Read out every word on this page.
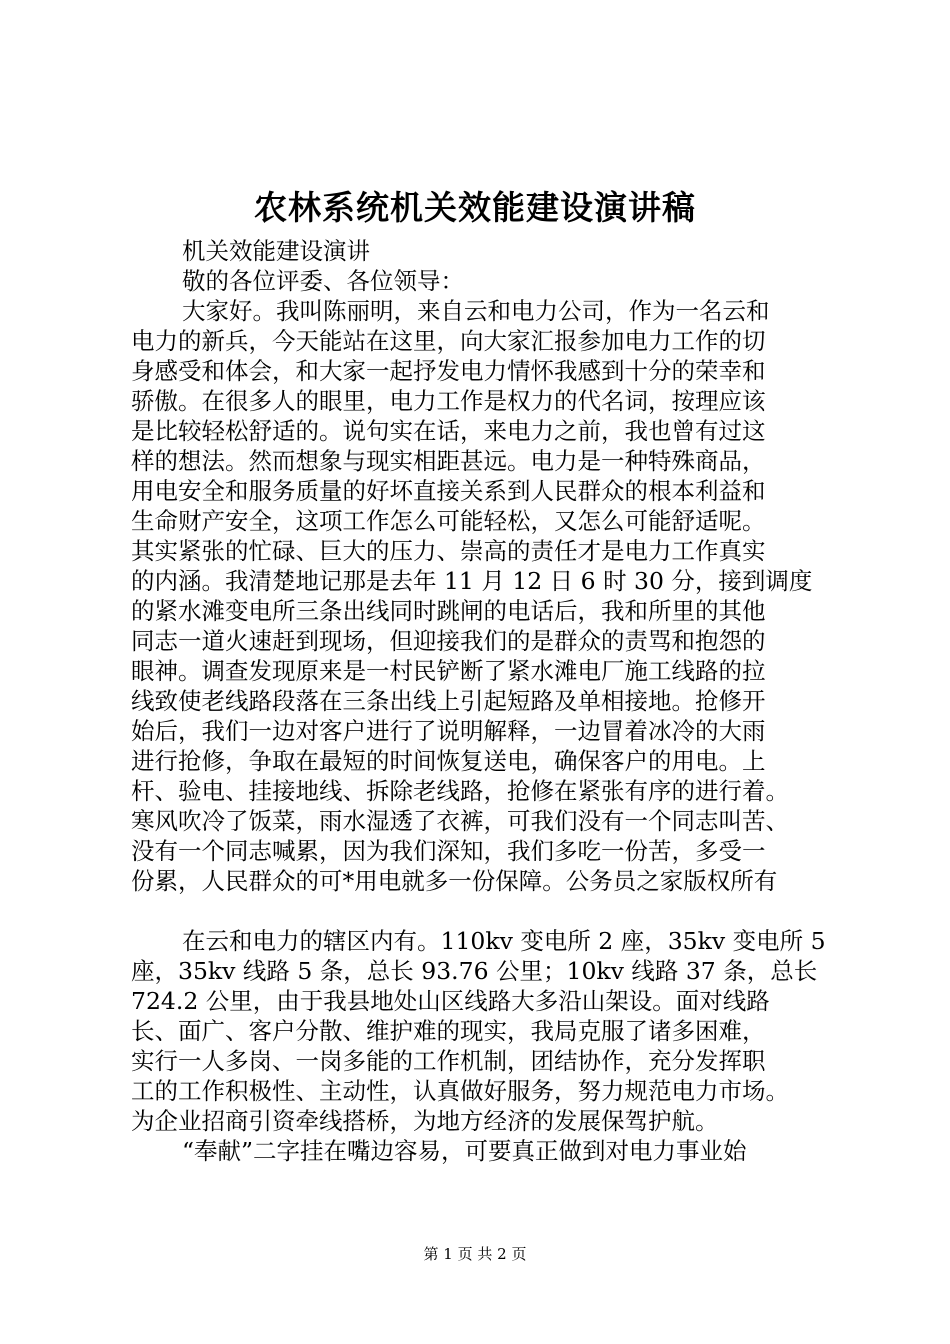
农林系统机关效能建设演讲稿
机关效能建设演讲
敬的各位评委、各位领导：
大家好。我叫陈丽明，来自云和电力公司，作为一名云和
电力的新兵，今天能站在这里，向大家汇报参加电力工作的切
身感受和体会，和大家一起抒发电力情怀我感到十分的荣幸和
骄傲。在很多人的眼里，电力工作是权力的代名词，按理应该
是比较轻松舒适的。说句实在话，来电力之前，我也曾有过这
样的想法。然而想象与现实相距甚远。电力是一种特殊商品，
用电安全和服务质量的好坏直接关系到人民群众的根本利益和
生命财产安全，这项工作怎么可能轻松，又怎么可能舒适呢。
其实紧张的忙碌、巨大的压力、崇高的责任才是电力工作真实
的内涵。我清楚地记那是去年 11 月 12 日 6 时 30 分，接到调度
的紧水滩变电所三条出线同时跳闸的电话后，我和所里的其他
同志一道火速赶到现场，但迎接我们的是群众的责骂和抱怨的
眼神。调查发现原来是一村民铲断了紧水滩电厂施工线路的拉
线致使老线路段落在三条出线上引起短路及单相接地。抢修开
始后，我们一边对客户进行了说明解释，一边冒着冰冷的大雨
进行抢修，争取在最短的时间恢复送电，确保客户的用电。上
杆、验电、挂接地线、拆除老线路，抢修在紧张有序的进行着。
寒风吹冷了饭菜，雨水湿透了衣裤，可我们没有一个同志叫苦、
没有一个同志喊累，因为我们深知，我们多吃一份苦，多受一
份累，人民群众的可*用电就多一份保障。公务员之家版权所有
在云和电力的辖区内有。110kv 变电所 2 座，35kv 变电所 5
座，35kv 线路 5 条，总长 93.76 公里；10kv 线路 37 条，总长
724.2 公里，由于我县地处山区线路大多沿山架设。面对线路
长、面广、客户分散、维护难的现实，我局克服了诸多困难，
实行一人多岗、一岗多能的工作机制，团结协作，充分发挥职
工的工作积极性、主动性，认真做好服务，努力规范电力市场。
为企业招商引资牵线搭桥，为地方经济的发展保驾护航。
“奉献”二字挂在嘴边容易，可要真正做到对电力事业始
第 1 页 共 2 页
